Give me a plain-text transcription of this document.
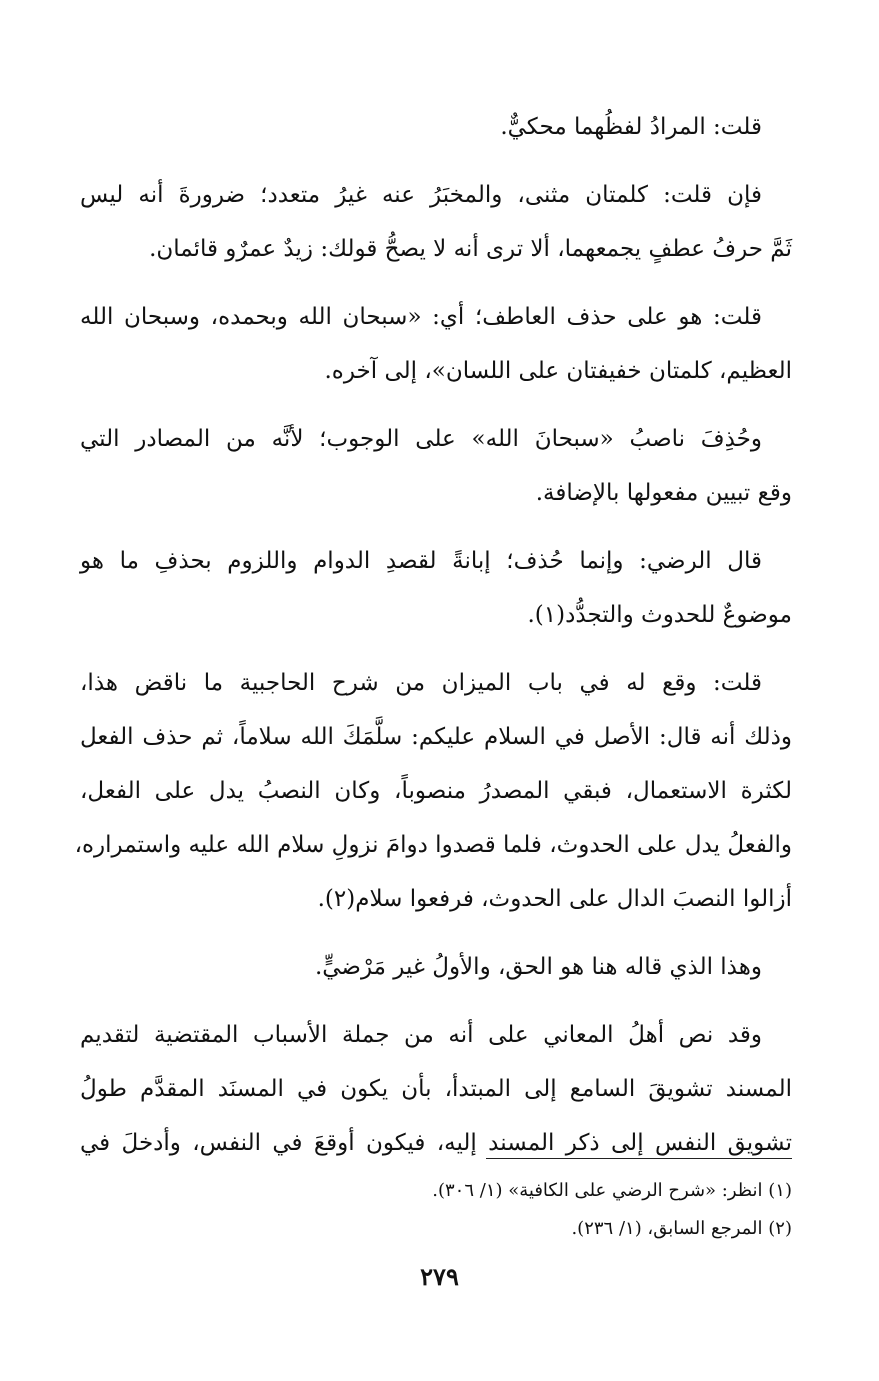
قلت: المرادُ لفظُهما محكيٌّ.

فإن قلت: كلمتان مثنى، والمخبَرُ عنه غيرُ متعدد؛ ضرورةَ أنه ليس
ثَمَّ حرفُ عطفٍ يجمعهما، ألا ترى أنه لا يصحُّ قولك: زيدٌ عمرٌو قائمان.

قلت: هو على حذف العاطف؛ أي: «سبحان الله وبحمده، وسبحان الله
العظيم، كلمتان خفيفتان على اللسان»، إلى آخره.

وحُذِفَ ناصبُ «سبحانَ الله» على الوجوب؛ لأنَّه من المصادر التي
وقع تبيين مفعولها بالإضافة.

قال الرضي: وإنما حُذف؛ إبانةً لقصدِ الدوام واللزوم بحذفِ ما هو
موضوعٌ للحدوث والتجدُّد(١).

قلت: وقع له في باب الميزان من شرح الحاجبية ما ناقض هذا،
وذلك أنه قال: الأصل في السلام عليكم: سلَّمَكَ الله سلاماً، ثم حذف الفعل
لكثرة الاستعمال، فبقي المصدرُ منصوباً، وكان النصبُ يدل على الفعل،
والفعلُ يدل على الحدوث، فلما قصدوا دوامَ نزولِ سلام الله عليه واستمراره،
أزالوا النصبَ الدال على الحدوث، فرفعوا سلام(٢).

وهذا الذي قاله هنا هو الحق، والأولُ غير مَرْضيٍّ.

وقد نص أهلُ المعاني على أنه من جملة الأسباب المقتضية لتقديم
المسند تشويقَ السامع إلى المبتدأ، بأن يكون في المسنَد المقدَّم طولُ
تشويق النفس إلى ذكر المسند إليه، فيكون أوقعَ في النفس، وأدخلَ في

(١) انظر: «شرح الرضي على الكافية» (١/ ٣٠٦).
(٢) المرجع السابق، (١/ ٢٣٦).
٢٧٩
